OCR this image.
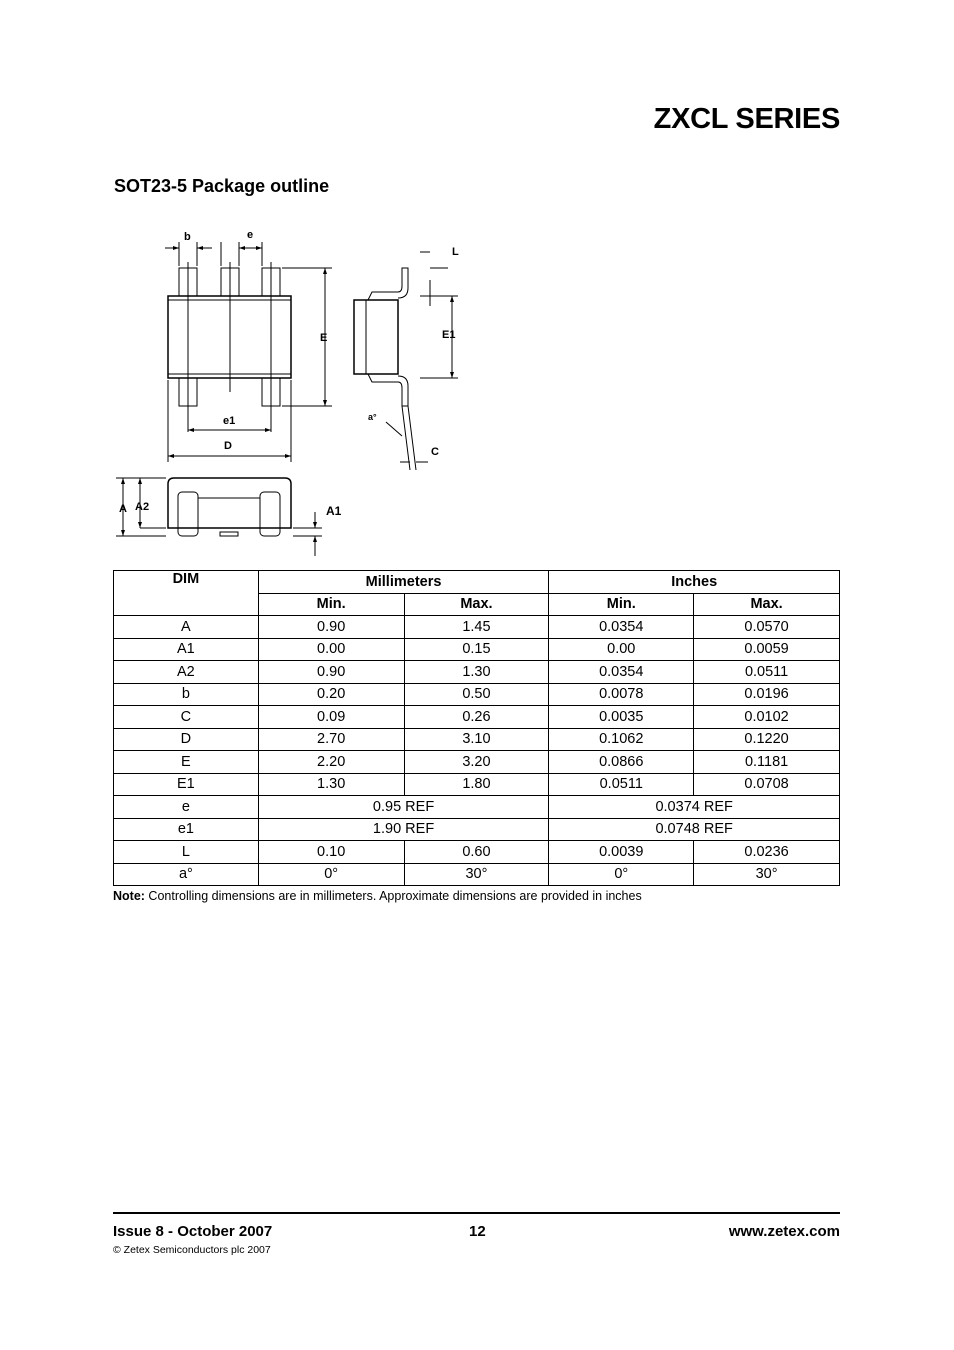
ZXCL SERIES
SOT23-5 Package outline
b	e
E
e1
D
L
E1
a°
C
A A2	A1
DIM	Millimeters		Inches	
	Min.	Max.	Min.	Max.
A	0.90	1.45	0.0354	0.0570
A1	0.00	0.15	0.00	0.0059
A2	0.90	1.30	0.0354	0.0511
b	0.20	0.50	0.0078	0.0196
C	0.09	0.26	0.0035	0.0102
D	2.70	3.10	0.1062	0.1220
E	2.20	3.20	0.0866	0.1181
E1	1.30	1.80	0.0511	0.0708
e	0.95 REF		0.0374 REF	
e1	1.90 REF		0.0748 REF	
L	0.10	0.60	0.0039	0.0236
a°	0°	30°	0°	30°
Note: Controlling dimensions are in millimeters. Approximate dimensions are provided in inches
Issue 8 - October 2007
© Zetex Semiconductors plc 2007
12	www.zetex.com
